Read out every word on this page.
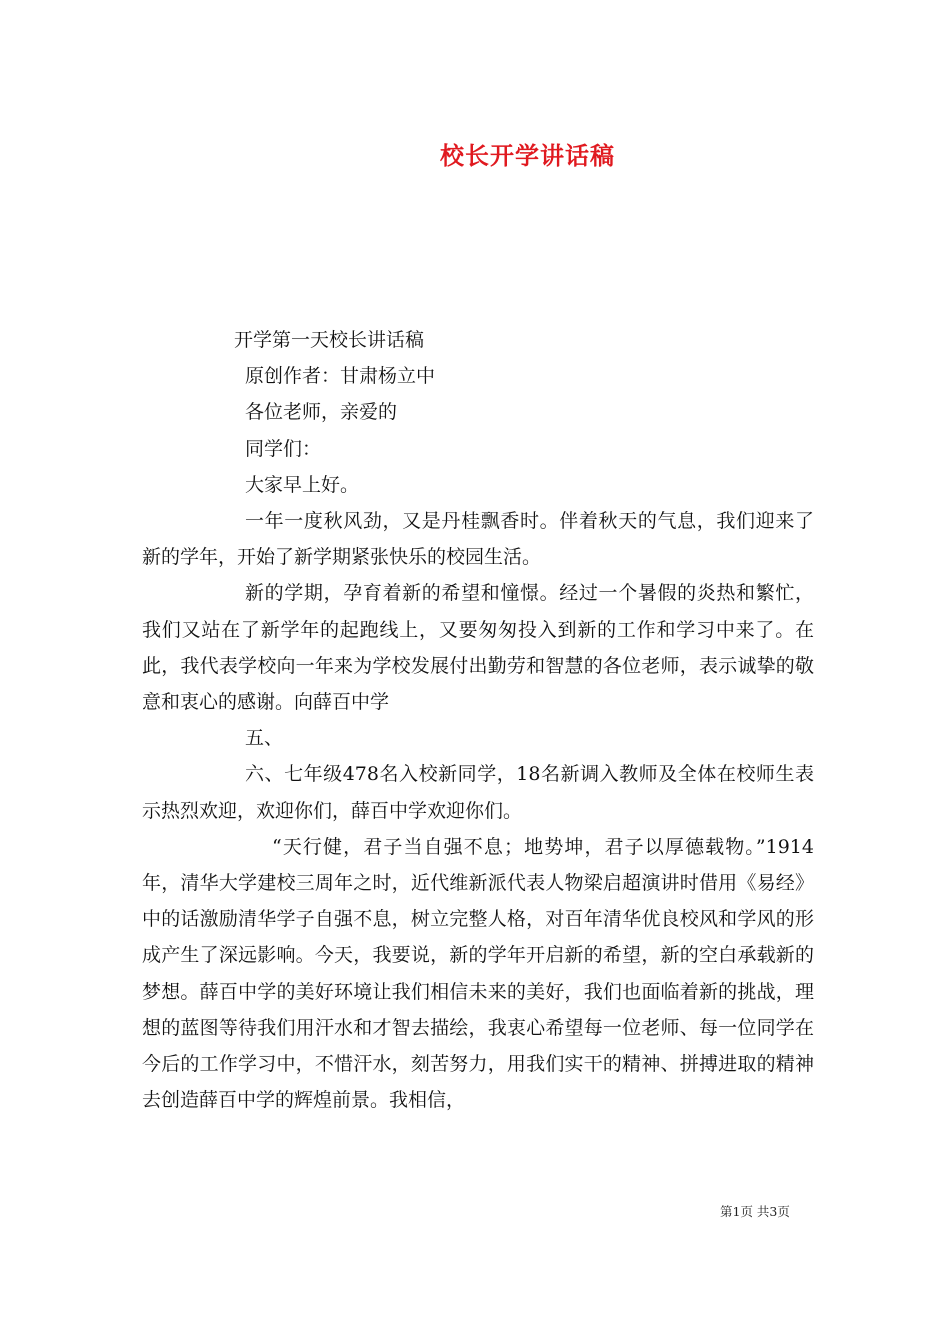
校长开学讲话稿

开学第一天校长讲话稿

原创作者：甘肃杨立中

各位老师，亲爱的

同学们：

大家早上好。

一年一度秋风劲，又是丹桂飘香时。伴着秋天的气息，我们迎来了新的学年，开始了新学期紧张快乐的校园生活。

新的学期，孕育着新的希望和憧憬。经过一个暑假的炎热和繁忙，我们又站在了新学年的起跑线上，又要匆匆投入到新的工作和学习中来了。在此，我代表学校向一年来为学校发展付出勤劳和智慧的各位老师，表示诚挚的敬意和衷心的感谢。向薛百中学

五、

六、七年级478名入校新同学，18名新调入教师及全体在校师生表示热烈欢迎，欢迎你们，薛百中学欢迎你们。

“天行健，君子当自强不息；地势坤，君子以厚德载物。”1914年，清华大学建校三周年之时，近代维新派代表人物梁启超演讲时借用《易经》中的话激励清华学子自强不息，树立完整人格，对百年清华优良校风和学风的形成产生了深远影响。今天，我要说，新的学年开启新的希望，新的空白承载新的梦想。薛百中学的美好环境让我们相信未来的美好，我们也面临着新的挑战，理想的蓝图等待我们用汗水和才智去描绘，我衷心希望每一位老师、每一位同学在今后的工作学习中，不惜汗水，刻苦努力，用我们实干的精神、拼搏进取的精神去创造薛百中学的辉煌前景。我相信，

第1页 共3页
